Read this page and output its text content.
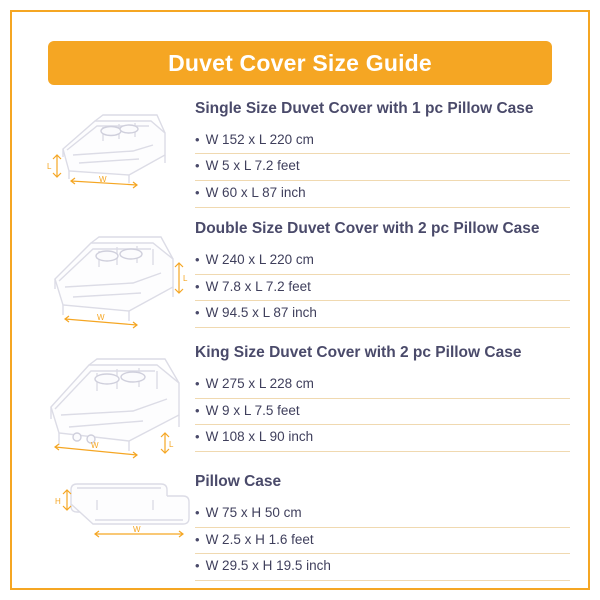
Duvet Cover Size Guide
L
W
Single Size Duvet Cover with 1 pc Pillow Case
• W 152 x L 220 cm
• W 5 x L 7.2 feet
• W 60 x L 87 inch
L
W
Double Size Duvet Cover with 2 pc Pillow Case
• W 240 x L 220 cm
• W 7.8 x L 7.2 feet
• W 94.5 x L 87 inch
L
W
King Size Duvet Cover with 2 pc Pillow Case
• W 275 x L 228 cm
• W 9 x L 7.5 feet
• W 108 x L 90 inch
H
W
Pillow Case
• W 75 x H 50 cm
• W 2.5 x H 1.6 feet
• W 29.5 x H 19.5 inch
